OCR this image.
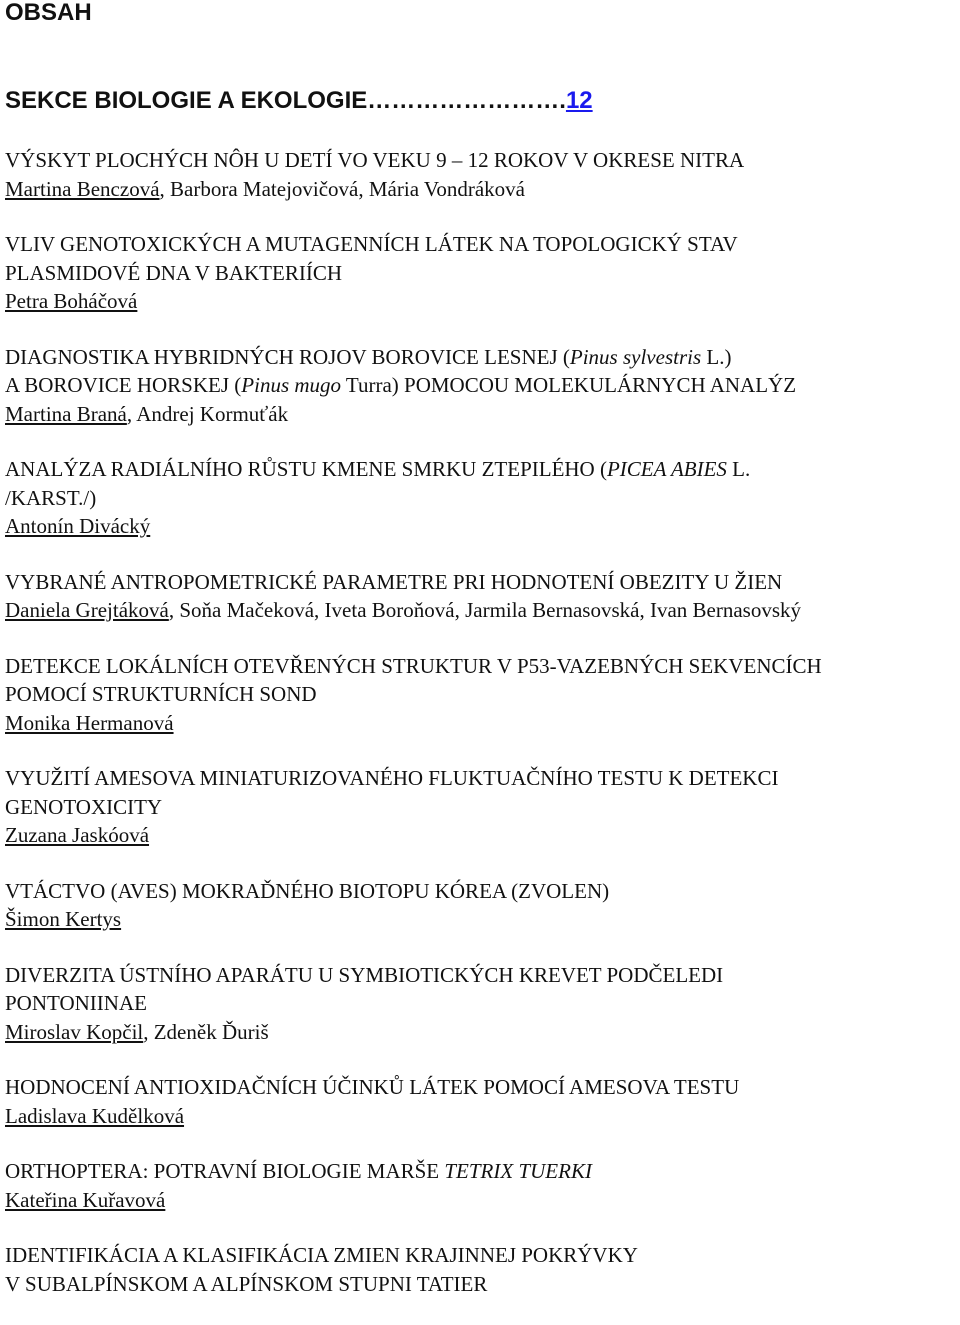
OBSAH
SEKCE BIOLOGIE A EKOLOGIE…………………….12
VÝSKYT PLOCHÝCH NÔH U DETÍ VO VEKU 9 – 12 ROKOV V OKRESE NITRA
Martina Benczová, Barbora Matejovičová, Mária Vondráková
VLIV GENOTOXICKÝCH A MUTAGENNÍCH LÁTEK NA TOPOLOGICKÝ STAV
PLASMIDOVÉ DNA V BAKTERIÍCH
Petra Boháčová
DIAGNOSTIKA HYBRIDNÝCH ROJOV BOROVICE LESNEJ (Pinus sylvestris L.)
A BOROVICE HORSKEJ (Pinus mugo Turra) POMOCOU MOLEKULÁRNYCH ANALÝZ
Martina Braná, Andrej Kormuťák
ANALÝZA RADIÁLNÍHO RŮSTU KMENE SMRKU ZTEPILÉHO (PICEA ABIES L.
/KARST./)
Antonín Divácký
VYBRANÉ ANTROPOMETRICKÉ PARAMETRE PRI HODNOTENÍ OBEZITY U ŽIEN
Daniela Grejtáková, Soňa Mačeková, Iveta Boroňová, Jarmila Bernasovská, Ivan Bernasovský
DETEKCE LOKÁLNÍCH OTEVŘENÝCH STRUKTUR V P53-VAZEBNÝCH SEKVENCÍCH
POMOCÍ STRUKTURNÍCH SOND
Monika Hermanová
VYUŽITÍ AMESOVA MINIATURIZOVANÉHO FLUKTUAČNÍHO TESTU K DETEKCI
GENOTOXICITY
Zuzana Jaskóová
VTÁCTVO (AVES) MOKRAĎNÉHO BIOTOPU KÓREA (ZVOLEN)
Šimon Kertys
DIVERZITA ÚSTNÍHO APARÁTU U SYMBIOTICKÝCH KREVET PODČELEDI
PONTONIINAE
Miroslav Kopčil, Zdeněk Ďuriš
HODNOCENÍ ANTIOXIDAČNÍCH ÚČINKŮ LÁTEK POMOCÍ AMESOVA TESTU
Ladislava Kudělková
ORTHOPTERA: POTRAVNÍ BIOLOGIE MARŠE TETRIX TUERKI
Kateřina Kuřavová
IDENTIFIKÁCIA A KLASIFIKÁCIA ZMIEN KRAJINNEJ POKRÝVKY
V SUBALPÍNSKOM A ALPÍNSKOM STUPNI TATIER
